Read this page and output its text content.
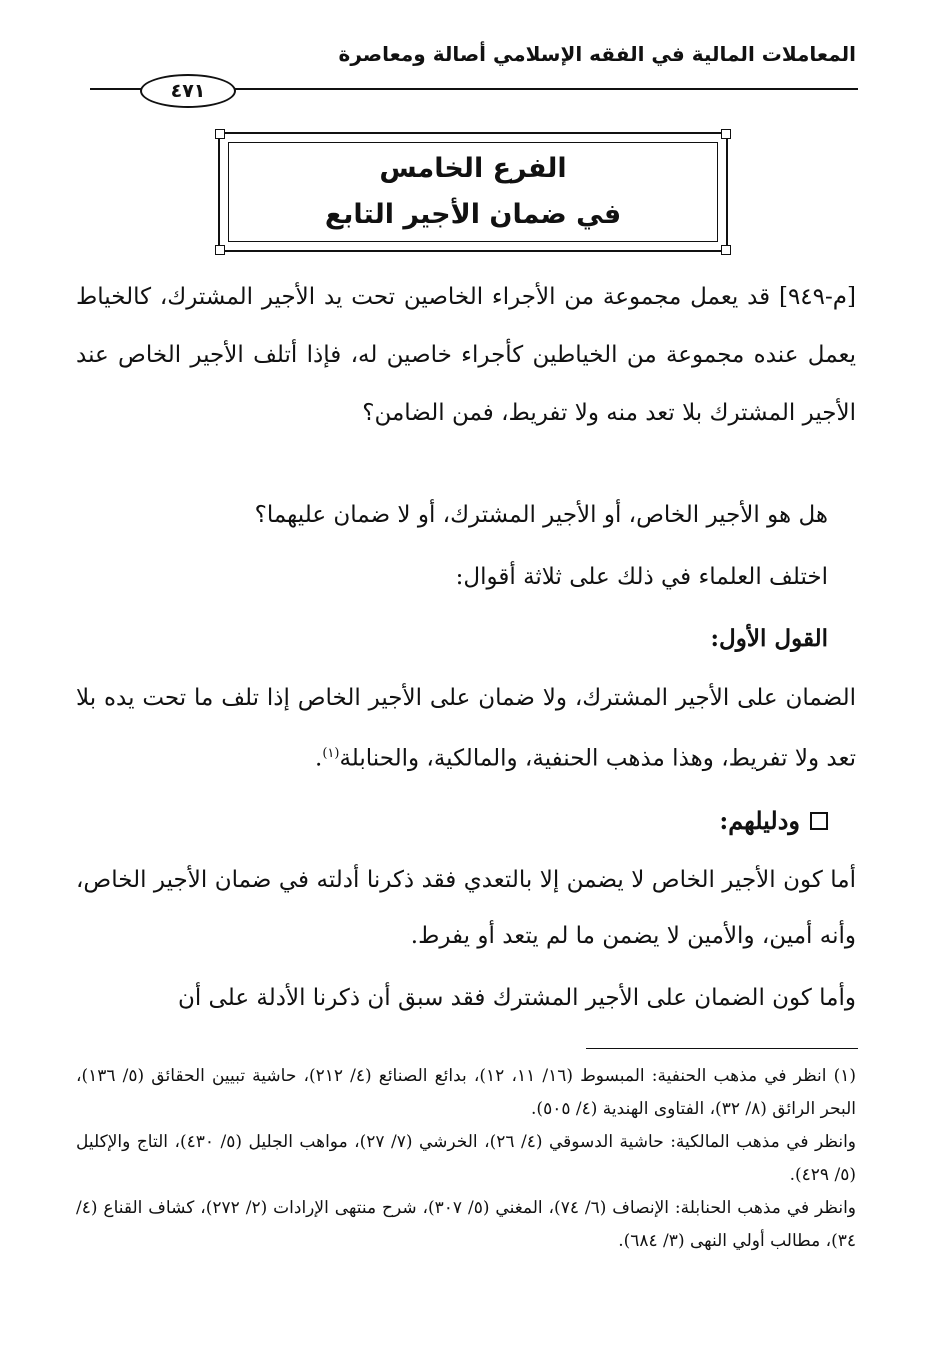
المعاملات المالية في الفقه الإسلامي أصالة ومعاصرة
٤٧١
الفرع الخامس
في ضمان الأجير التابع
[م-٩٤٩] قد يعمل مجموعة من الأجراء الخاصين تحت يد الأجير المشترك، كالخياط يعمل عنده مجموعة من الخياطين كأجراء خاصين له، فإذا أتلف الأجير الخاص عند الأجير المشترك بلا تعد منه ولا تفريط، فمن الضامن؟
هل هو الأجير الخاص، أو الأجير المشترك، أو لا ضمان عليهما؟
اختلف العلماء في ذلك على ثلاثة أقوال:
القول الأول:
الضمان على الأجير المشترك، ولا ضمان على الأجير الخاص إذا تلف ما تحت يده بلا تعد ولا تفريط، وهذا مذهب الحنفية، والمالكية، والحنابلة$^{(١)}$.
ودليلهم:
أما كون الأجير الخاص لا يضمن إلا بالتعدي فقد ذكرنا أدلته في ضمان الأجير الخاص، وأنه أمين، والأمين لا يضمن ما لم يتعد أو يفرط.
وأما كون الضمان على الأجير المشترك فقد سبق أن ذكرنا الأدلة على أن

(١) انظر في مذهب الحنفية: المبسوط (١٦/ ١١، ١٢)، بدائع الصنائع (٤/ ٢١٢)، حاشية تبيين الحقائق (٥/ ١٣٦)، البحر الرائق (٨/ ٣٢)، الفتاوى الهندية (٤/ ٥٠٥).

وانظر في مذهب المالكية: حاشية الدسوقي (٤/ ٢٦)، الخرشي (٧/ ٢٧)، مواهب الجليل (٥/ ٤٣٠)، التاج والإكليل (٥/ ٤٢٩).

وانظر في مذهب الحنابلة: الإنصاف (٦/ ٧٤)، المغني (٥/ ٣٠٧)، شرح منتهى الإرادات (٢/ ٢٧٢)، كشاف القناع (٤/ ٣٤)، مطالب أولي النهى (٣/ ٦٨٤).
